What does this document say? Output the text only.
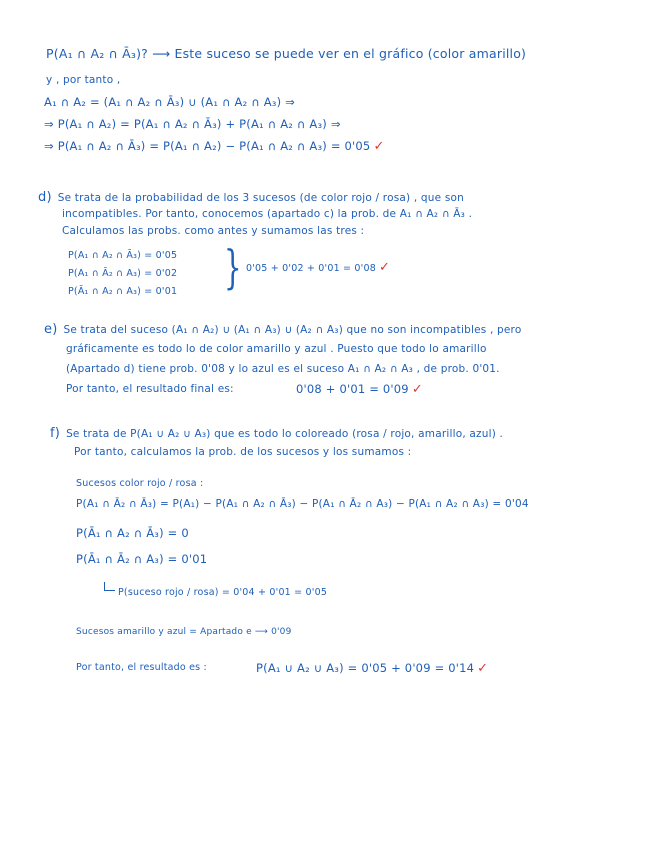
P(A₁ ∩ A₂ ∩ Ā₃)? ⟶ Este suceso se puede ver en el gráfico (color amarillo)
y , por tanto ,
A₁ ∩ A₂ = (A₁ ∩ A₂ ∩ Ā₃) ∪ (A₁ ∩ A₂ ∩ A₃) ⇒
⇒ P(A₁ ∩ A₂) = P(A₁ ∩ A₂ ∩ Ā₃) + P(A₁ ∩ A₂ ∩ A₃) ⇒
⇒ P(A₁ ∩ A₂ ∩ Ā₃) = P(A₁ ∩ A₂) − P(A₁ ∩ A₂ ∩ A₃) = 0'05 ✓
d) Se trata de la probabilidad de los 3 sucesos (de color rojo / rosa) , que son
incompatibles. Por tanto, conocemos (apartado c) la prob. de A₁ ∩ A₂ ∩ Ā₃ .
Calculamos las probs. como antes y sumamos las tres :
P(A₁ ∩ A₂ ∩ Ā₃) = 0'05
P(A₁ ∩ Ā₂ ∩ A₃) = 0'02
P(Ā₁ ∩ A₂ ∩ A₃) = 0'01 } 0'05 + 0'02 + 0'01 = 0'08 ✓
e) Se trata del suceso (A₁ ∩ A₂) ∪ (A₁ ∩ A₃) ∪ (A₂ ∩ A₃) que no son incompatibles , pero
gráficamente es todo lo de color amarillo y azul . Puesto que todo lo amarillo
(Apartado d) tiene prob. 0'08 y lo azul es el suceso A₁ ∩ A₂ ∩ A₃ , de prob. 0'01.
Por tanto, el resultado final es:	0'08 + 0'01 = 0'09 ✓
f) Se trata de P(A₁ ∪ A₂ ∪ A₃) que es todo lo coloreado (rosa / rojo, amarillo, azul) .
Por tanto, calculamos la prob. de los sucesos y los sumamos :
Sucesos color rojo / rosa :
P(A₁ ∩ Ā₂ ∩ Ā₃) = P(A₁) − P(A₁ ∩ A₂ ∩ Ā₃) − P(A₁ ∩ Ā₂ ∩ A₃) − P(A₁ ∩ A₂ ∩ A₃) = 0'04
P(Ā₁ ∩ A₂ ∩ Ā₃) = 0
P(Ā₁ ∩ Ā₂ ∩ A₃) = 0'01
P(suceso rojo / rosa) = 0'04 + 0'01 = 0'05
Sucesos amarillo y azul = Apartado e ⟶ 0'09
Por tanto, el resultado es :	P(A₁ ∪ A₂ ∪ A₃) = 0'05 + 0'09 = 0'14 ✓
